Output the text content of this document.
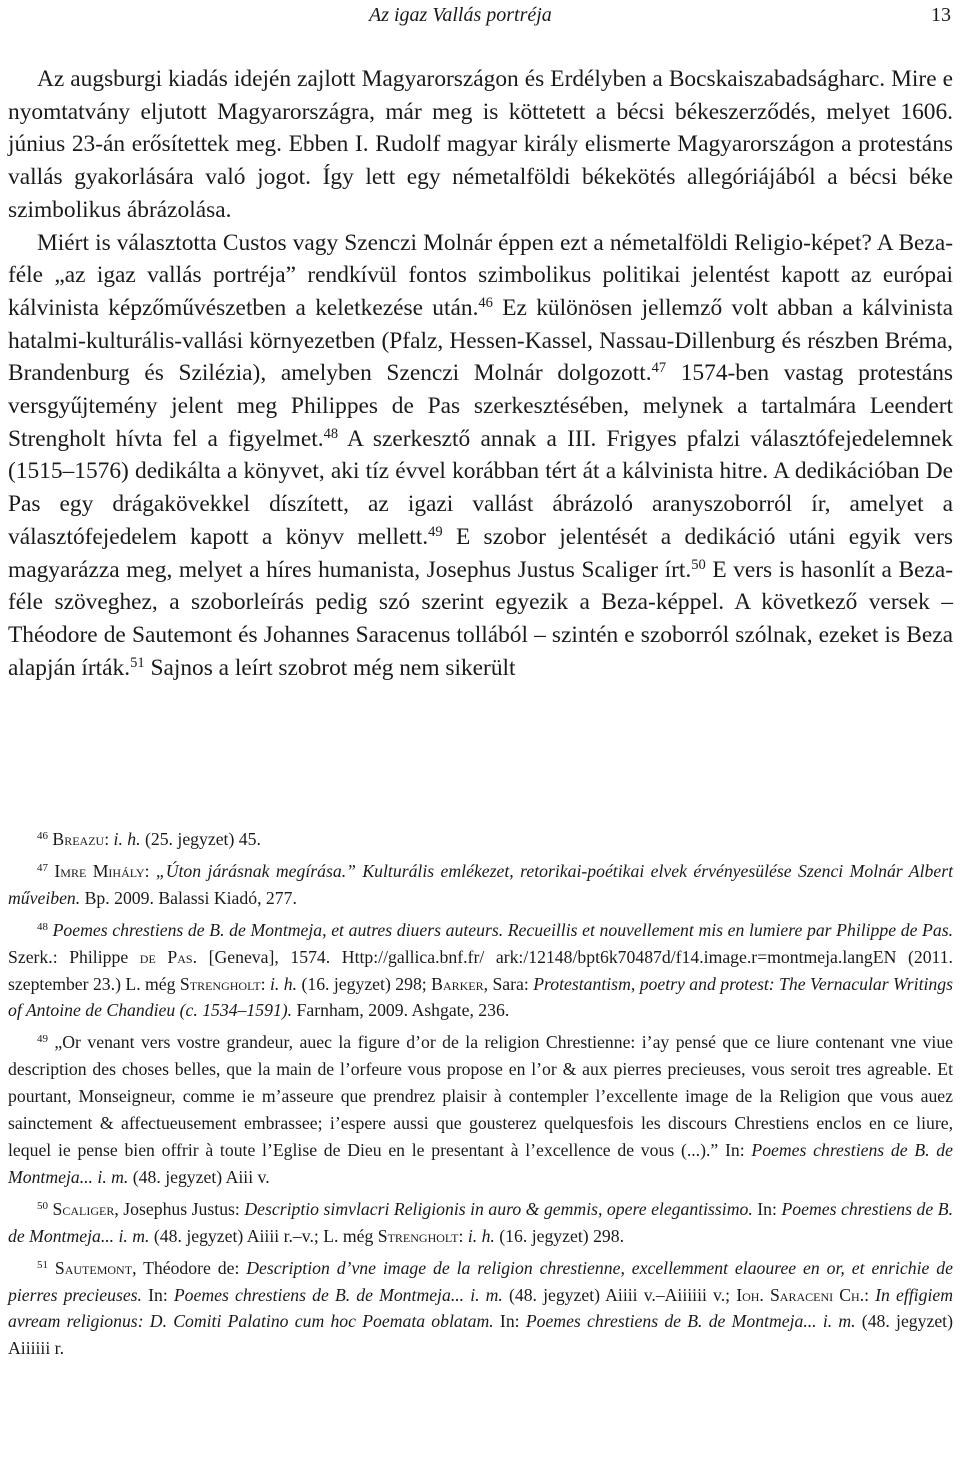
Az igaz Vallás portréja	13

Az augsburgi kiadás idején zajlott Magyarországon és Erdélyben a Bocskaiszabadságharc. Mire e nyomtatvány eljutott Magyarországra, már meg is köttetett a bécsi békeszerződés, melyet 1606. június 23-án erősítettek meg. Ebben I. Rudolf magyar király elismerte Magyarországon a protestáns vallás gyakorlására való jogot. Így lett egy németalföldi békekötés allegóriájából a bécsi béke szimbolikus ábrázolása.

Miért is választotta Custos vagy Szenczi Molnár éppen ezt a németalföldi Religio-képet? A Beza-féle „az igaz vallás portréja” rendkívül fontos szimbolikus politikai jelentést kapott az európai kálvinista képzőművészetben a keletkezése után.$^{46}$ Ez különösen jellemző volt abban a kálvinista hatalmi-kulturális-vallási környezetben (Pfalz, Hessen-Kassel, Nassau-Dillenburg és részben Bréma, Brandenburg és Szilézia), amelyben Szenczi Molnár dolgozott.$^{47}$ 1574-ben vastag protestáns versgyűjtemény jelent meg Philippes de Pas szerkesztésében, melynek a tartalmára Leendert Strengholt hívta fel a figyelmet.$^{48}$ A szerkesztő annak a III. Frigyes pfalzi választófejedelemnek (1515–1576) dedikálta a könyvet, aki tíz évvel korábban tért át a kálvinista hitre. A dedikációban De Pas egy drágakövekkel díszített, az igazi vallást ábrázoló aranyszoborról ír, amelyet a választófejedelem kapott a könyv mellett.$^{49}$ E szobor jelentését a dedikáció utáni egyik vers magyarázza meg, melyet a híres humanista, Josephus Justus Scaliger írt.$^{50}$ E vers is hasonlít a Beza-féle szöveghez, a szoborleírás pedig szó szerint egyezik a Beza-képpel. A következő versek – Théodore de Sautemont és Johannes Saracenus tollából – szintén e szoborról szólnak, ezeket is Beza alapján írták.$^{51}$ Sajnos a leírt szobrot még nem sikerült

$^{46}$ Breazu: i. h. (25. jegyzet) 45.

$^{47}$ Imre Mihály: „Úton járásnak megírása.” Kulturális emlékezet, retorikai-poétikai elvek érvényesülése Szenci Molnár Albert műveiben. Bp. 2009. Balassi Kiadó, 277.

$^{48}$ Poemes chrestiens de B. de Montmeja, et autres diuers auteurs. Recueillis et nouvellement mis en lumiere par Philippe de Pas. Szerk.: Philippe de Pas. [Geneva], 1574. Http://gallica.bnf.fr/ ark:/12148/bpt6k70487d/f14.image.r=montmeja.langEN (2011. szeptember 23.) L. még Strengholt: i. h. (16. jegyzet) 298; Barker, Sara: Protestantism, poetry and protest: The Vernacular Writings of Antoine de Chandieu (c. 1534–1591). Farnham, 2009. Ashgate, 236.

$^{49}$ „Or venant vers vostre grandeur, auec la figure d’or de la religion Chrestienne: i’ay pensé que ce liure contenant vne viue description des choses belles, que la main de l’orfeure vous propose en l’or & aux pierres precieuses, vous seroit tres agreable. Et pourtant, Monseigneur, comme ie m’asseure que prendrez plaisir à contempler l’excellente image de la Religion que vous auez sainctement & affectueusement embrassee; i’espere aussi que gousterez quelquesfois les discours Chrestiens enclos en ce liure, lequel ie pense bien offrir à toute l’Eglise de Dieu en le presentant à l’excellence de vous (...).” In: Poemes chrestiens de B. de Montmeja... i. m. (48. jegyzet) Aiii v.

$^{50}$ Scaliger, Josephus Justus: Descriptio simvlacri Religionis in auro & gemmis, opere elegantissimo. In: Poemes chrestiens de B. de Montmeja... i. m. (48. jegyzet) Aiiii r.–v.; L. még Strengholt: i. h. (16. jegyzet) 298.

$^{51}$ Sautemont, Théodore de: Description d’vne image de la religion chrestienne, excellemment elaouree en or, et enrichie de pierres precieuses. In: Poemes chrestiens de B. de Montmeja... i. m. (48. jegyzet) Aiiii v.–Aiiiiii v.; Ioh. Saraceni Ch.: In effigiem avream religionus: D. Comiti Palatino cum hoc Poemata oblatam. In: Poemes chrestiens de B. de Montmeja... i. m. (48. jegyzet) Aiiiiii r.
